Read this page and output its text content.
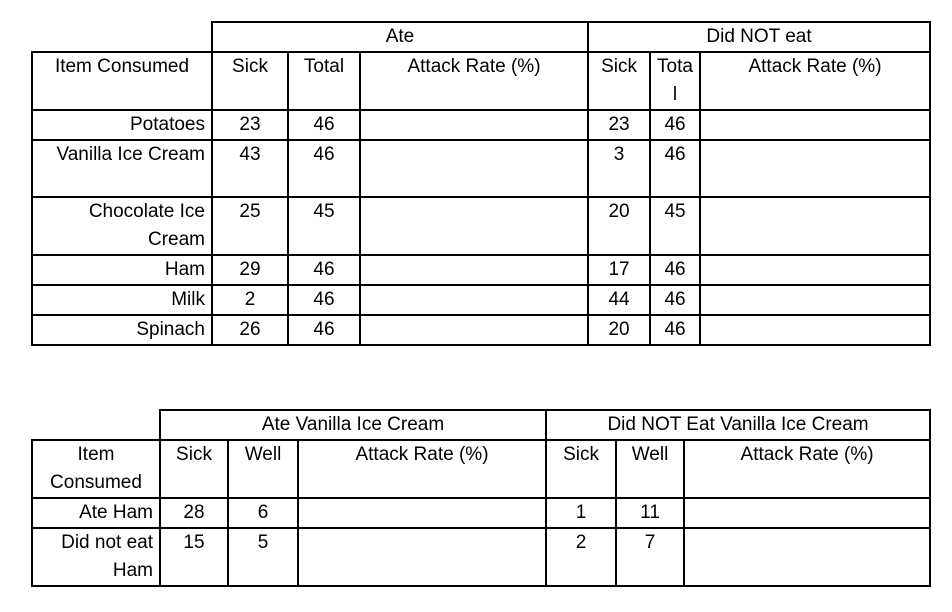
	Ate			Did NOT eat		
Item Consumed	Sick	Total	Attack Rate (%)	Sick	Total	Attack Rate (%)
Potatoes	23	46		23	46	
Vanilla Ice Cream	43	46		3	46	
Chocolate Ice Cream	25	45		20	45	
Ham	29	46		17	46	
Milk	2	46		44	46	
Spinach	26	46		20	46	
	Ate Vanilla Ice Cream			Did NOT Eat Vanilla Ice Cream		
Item Consumed	Sick	Well	Attack Rate (%)	Sick	Well	Attack Rate (%)
Ate Ham	28	6		1	11	
Did not eat Ham	15	5		2	7	
